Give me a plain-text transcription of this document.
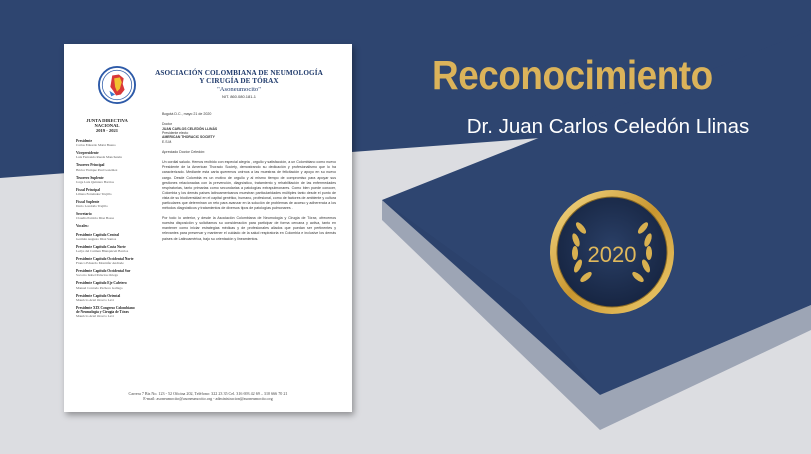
ASOCIACIÓN COLOMBIANA DE NEUMOLOGÍA
Y CIRUGÍA DE TÓRAX
"Asoneumocito"
NIT. 860.080.181-1
JUNTA DIRECTIVA NACIONAL
2019 - 2021
Presidente
Carlos Eduardo Matiz Bueno
Vicepresidente
Luis Fernando Rueda Manchanda
Tesorero Principal
Héctor Enrique Paul González
Tesorero Suplente
Jorge Luis Quintero Barrios
Fiscal Principal
Liliana Fernández Trujillo
Fiscal Suplente
Darío Londoño Trujillo
Secretario
Claudia Patricia Díaz Bossa
Vocales:
Presidente Capítulo Central
Germán Augusto Díaz Santos
Presidente Capítulo Costa Norte
Ledys del Carmen Blanquicett Barrios
Presidente Capítulo Occidental Norte
Franco Eduardo Montúfar Andrade
Presidente Capítulo Occidental Sur
Socorro Isabel Palacios Ortega
Presidente Capítulo Eje Cafetero
Manuel Conrado Pacheco Gallego
Presidente Capítulo Oriental
Mauricio Ariel Orozco Levi
Presidente XIX Congreso Colombiano de Neumología y Cirugía de Tórax
Mauricio Ariel Orozco Levi

Bogotá D.C., mayo 21 de 2020

Doctor
JUAN CARLOS CELEDÓN LLINÁS
Presidente electo
AMERICAN THORACIC SOCIETY
E.S.M.

Apreciado Doctor Celedón:

Un cordial saludo. Hemos recibido con especial alegría , orgullo y satisfacción, a un Colombiano como nuevo Presidente de la American Thoracic Society, demostrando su dedicación y profesionalismo que lo ha caracterizado. Mediante esta carta queremos unirnos a las muestras de felicitación y apoyo en su nuevo cargo. Desde Colombia es un motivo de orgullo y al mismo tiempo de compromiso para apoyar sus gestiones relacionadas con la prevención, diagnóstico, tratamiento y rehabilitación de las enfermedades respiratorias, tanto primarias como secundarias a patologías extrapulmonares. Como bien puede conocer, Colombia y los demás países latinoamericanos muestran particularidades múltiples tanto desde el punto de vista de su biodiversidad en el capital genético, humano, profesional, como de factores de ambiente y cultura particulares que determinan un reto para avanzar en la solución de problemas de acceso y adherencia a los métodos diagnósticos y tratamientos de diversos tipos de patologías pulmonares .

Por todo lo anterior, y desde la Asociación Colombiana de Neumología y Cirugía de Tórax, ofrecemos nuestra disposición y solicitamos su consideración para participar de forma cercana y activa, tanto en mantener como iniciar estrategias médicas y de profesionales aliados que puedan ser pertinentes y relevantes para preservar y mantener el cuidado de la salud respiratoria en Colombia e inclusive los demás países de Latinoamérica, bajo su orientación y lineamientos.

Carrera 7 Bis No. 123 - 52 Oficina 202, Teléfono: 322 23 35 Cel. 316 693 42 69 – 310 666 70 21
E-mail: asoneumocito@asoneumocito.org - administracion@asoneumocito.org
Reconocimiento
Dr. Juan Carlos Celedón Llinas
2020
